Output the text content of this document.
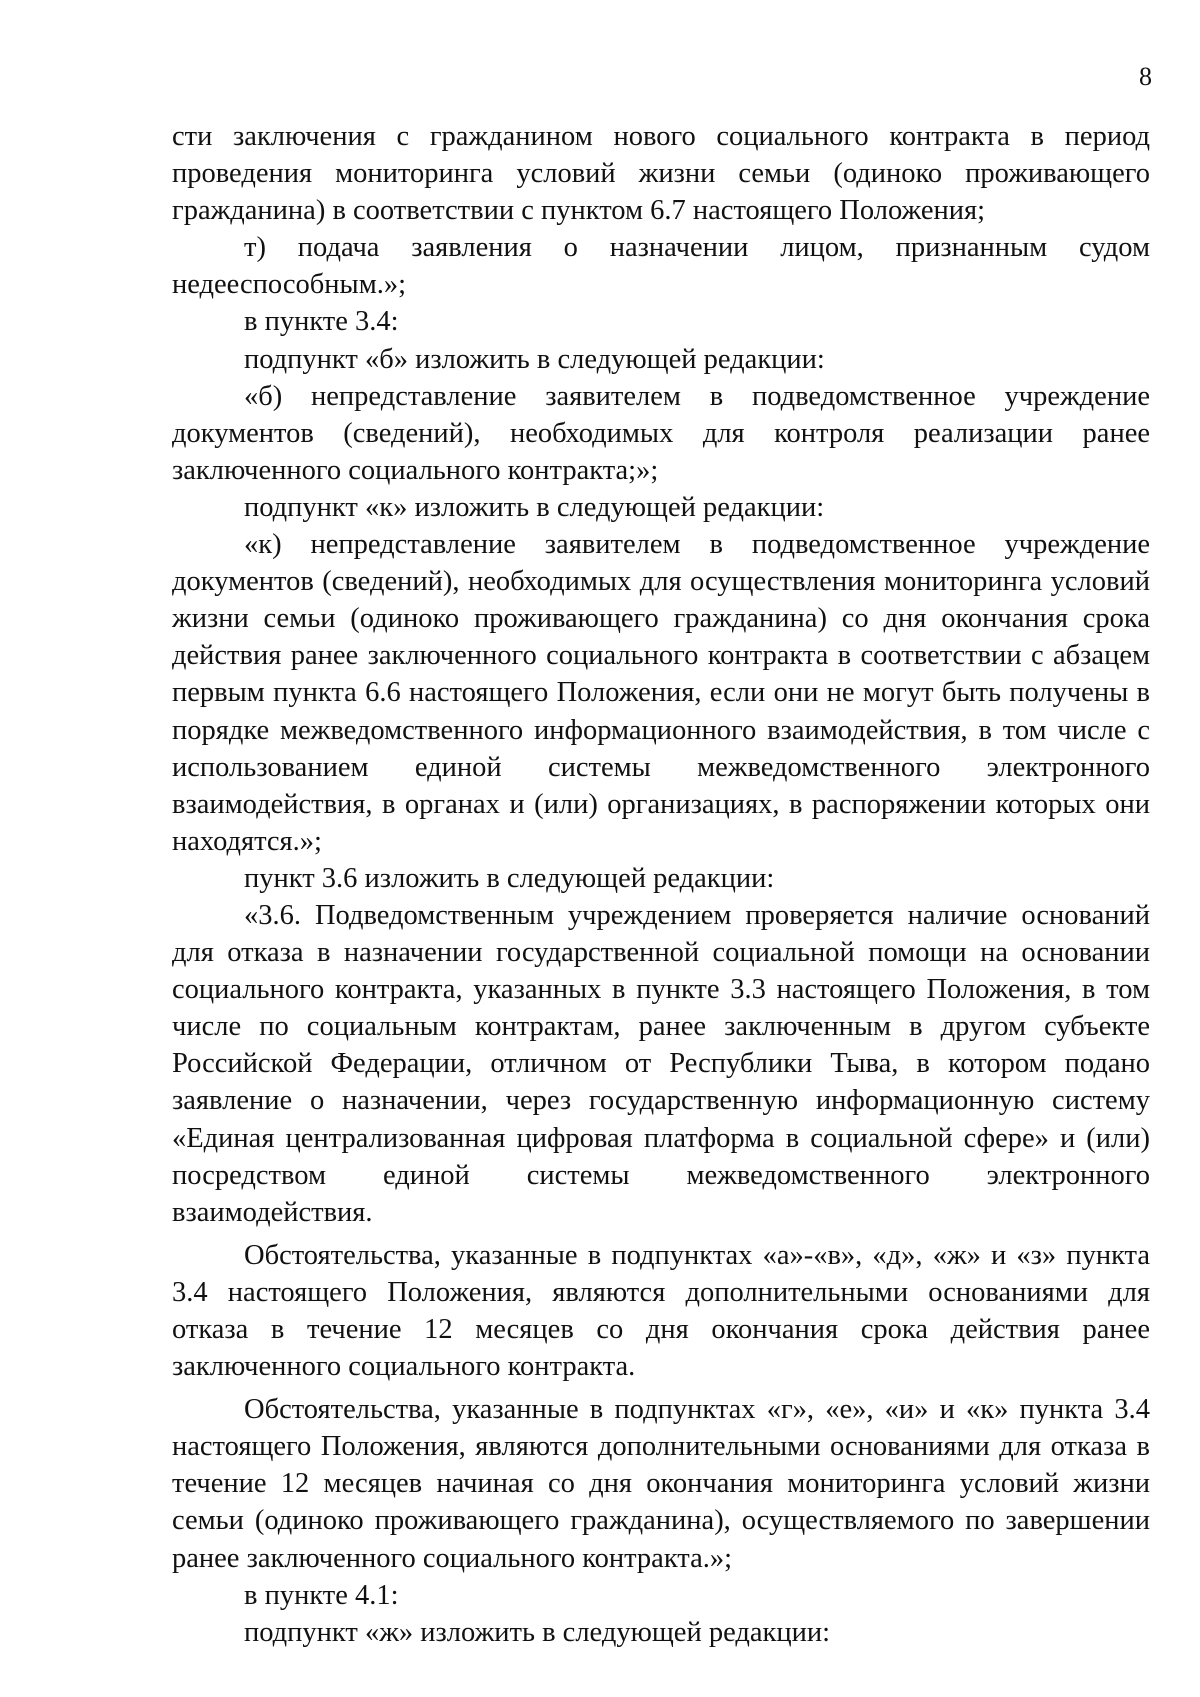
8

сти заключения с гражданином нового социального контракта в период проведения мониторинга условий жизни семьи (одиноко проживающего гражданина) в соответствии с пунктом 6.7 настоящего Положения;

т) подача заявления о назначении лицом, признанным судом недееспособным.»;

в пункте 3.4:

подпункт «б» изложить в следующей редакции:

«б) непредставление заявителем в подведомственное учреждение документов (сведений), необходимых для контроля реализации ранее заключенного социального контракта;»;

подпункт «к» изложить в следующей редакции:

«к) непредставление заявителем в подведомственное учреждение документов (сведений), необходимых для осуществления мониторинга условий жизни семьи (одиноко проживающего гражданина) со дня окончания срока действия ранее заключенного социального контракта в соответствии с абзацем первым пункта 6.6 настоящего Положения, если они не могут быть получены в порядке межведомственного информационного взаимодействия, в том числе с использованием единой системы межведомственного электронного взаимодействия, в органах и (или) организациях, в распоряжении которых они находятся.»;

пункт 3.6 изложить в следующей редакции:

«3.6. Подведомственным учреждением проверяется наличие оснований для отказа в назначении государственной социальной помощи на основании социального контракта, указанных в пункте 3.3 настоящего Положения, в том числе по социальным контрактам, ранее заключенным в другом субъекте Российской Федерации, отличном от Республики Тыва, в котором подано заявление о назначении, через государственную информационную систему «Единая централизованная цифровая платформа в социальной сфере» и (или) посредством единой системы межведомственного электронного взаимодействия.

Обстоятельства, указанные в подпунктах «а»-«в», «д», «ж» и «з» пункта 3.4 настоящего Положения, являются дополнительными основаниями для отказа в течение 12 месяцев со дня окончания срока действия ранее заключенного социального контракта.

Обстоятельства, указанные в подпунктах «г», «е», «и» и «к» пункта 3.4 настоящего Положения, являются дополнительными основаниями для отказа в течение 12 месяцев начиная со дня окончания мониторинга условий жизни семьи (одиноко проживающего гражданина), осуществляемого по завершении ранее заключенного социального контракта.»;

в пункте 4.1:

подпункт «ж» изложить в следующей редакции:
